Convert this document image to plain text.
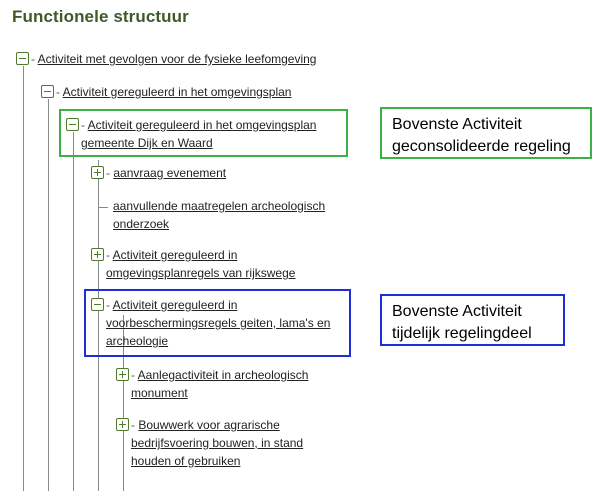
Functionele structuur
- Activiteit met gevolgen voor de fysieke leefomgeving
- Activiteit gereguleerd in het omgevingsplan
- Activiteit gereguleerd in het omgevingsplan
gemeente Dijk en Waard
- aanvraag evenement
aanvullende maatregelen archeologisch
onderzoek
- Activiteit gereguleerd in
omgevingsplanregels van rijkswege
- Activiteit gereguleerd in
voorbeschermingsregels geiten, lama's en
archeologie
- Aanlegactiviteit in archeologisch
monument
- Bouwwerk voor agrarische
bedrijfsvoering bouwen, in stand
houden of gebruiken
Bovenste Activiteit
geconsolideerde regeling
Bovenste Activiteit
tijdelijk regelingdeel
